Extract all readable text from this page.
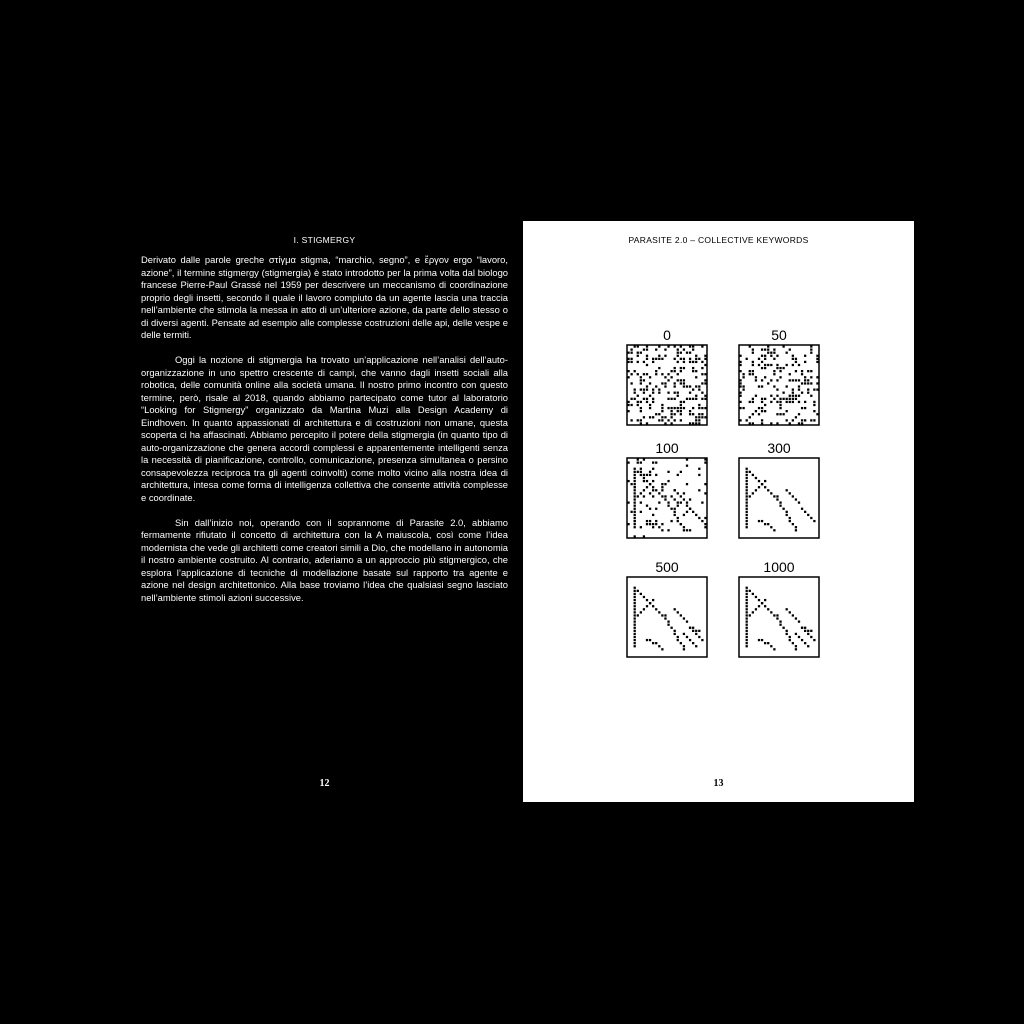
I. STIGMERGY

Derivato dalle parole greche στίγμα stigma, “marchio, segno”, e ἔργον ergo “lavoro, azione”, il termine stigmergy (stigmergia) è stato introdotto per la prima volta dal biologo francese Pierre-Paul Grassé nel 1959 per descrivere un meccanismo di coordinazione proprio degli insetti, secondo il quale il lavoro compiuto da un agente lascia una traccia nell’ambiente che stimola la messa in atto di un’ulteriore azione, da parte dello stesso o di diversi agenti. Pensate ad esempio alle complesse costruzioni delle api, delle vespe e delle termiti.

Oggi la nozione di stigmergia ha trovato un’applicazione nell’analisi dell’auto-organizzazione in uno spettro crescente di campi, che vanno dagli insetti sociali alla robotica, delle comunità online alla società umana. Il nostro primo incontro con questo termine, però, risale al 2018, quando abbiamo partecipato come tutor al laboratorio “Looking for Stigmergy” organizzato da Martina Muzi alla Design Academy di Eindhoven. In quanto appassionati di architettura e di costruzioni non umane, questa scoperta ci ha affascinati. Abbiamo percepito il potere della stigmergia (in quanto tipo di auto-organizzazione che genera accordi complessi e apparentemente intelligenti senza la necessità di pianificazione, controllo, comunicazione, presenza simultanea o persino consapevolezza reciproca tra gli agenti coinvolti) come molto vicino alla nostra idea di architettura, intesa come forma di intelligenza collettiva che consente attività complesse e coordinate.

Sin dall’inizio noi, operando con il soprannome di Parasite 2.0, abbiamo fermamente rifiutato il concetto di architettura con la A maiuscola, così come l’idea modernista che vede gli architetti come creatori simili a Dio, che modellano in autonomia il nostro ambiente costruito. Al contrario, aderiamo a un approccio più stigmergico, che esplora l’applicazione di tecniche di modellazione basate sul rapporto tra agente e azione nel design architettonico. Alla base troviamo l’idea che qualsiasi segno lasciato nell’ambiente stimoli azioni successive.

12
PARASITE 2.0 – COLLECTIVE KEYWORDS
0	50
100	300
500	1000
13
